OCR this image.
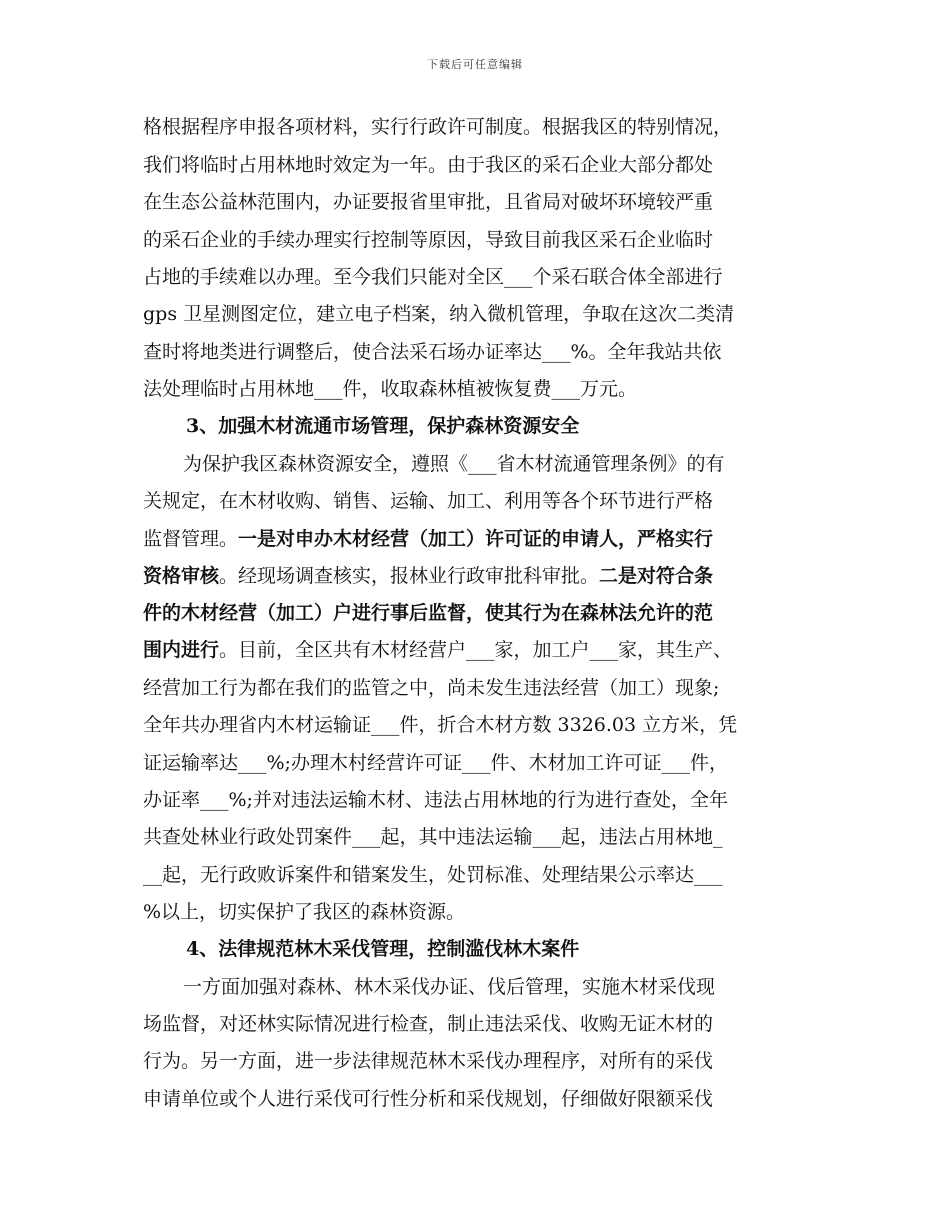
下载后可任意编辑
格根据程序申报各项材料，实行行政许可制度。根据我区的特别情况，
我们将临时占用林地时效定为一年。由于我区的采石企业大部分都处
在生态公益林范围内，办证要报省里审批，且省局对破坏环境较严重
的采石企业的手续办理实行控制等原因，导致目前我区采石企业临时
占地的手续难以办理。至今我们只能对全区___个采石联合体全部进行
gps 卫星测图定位，建立电子档案，纳入微机管理，争取在这次二类清
查时将地类进行调整后，使合法采石场办证率达___%。全年我站共依
法处理临时占用林地___件，收取森林植被恢复费___万元。
3、加强木材流通市场管理，保护森林资源安全
为保护我区森林资源安全，遵照《___省木材流通管理条例》的有
关规定，在木材收购、销售、运输、加工、利用等各个环节进行严格
监督管理。一是对申办木材经营（加工）许可证的申请人，严格实行
资格审核。经现场调查核实，报林业行政审批科审批。二是对符合条
件的木材经营（加工）户进行事后监督，使其行为在森林法允许的范
围内进行。目前，全区共有木材经营户___家，加工户___家，其生产、
经营加工行为都在我们的监管之中，尚未发生违法经营（加工）现象;
全年共办理省内木材运输证___件，折合木材方数 3326.03 立方米，凭
证运输率达___%;办理木村经营许可证___件、木材加工许可证___件，
办证率___%;并对违法运输木材、违法占用林地的行为进行查处，全年
共查处林业行政处罚案件___起，其中违法运输___起，违法占用林地_
__起，无行政败诉案件和错案发生，处罚标准、处理结果公示率达___
%以上，切实保护了我区的森林资源。
4、法律规范林木采伐管理，控制滥伐林木案件
一方面加强对森林、林木采伐办证、伐后管理，实施木材采伐现
场监督，对还林实际情况进行检查，制止违法采伐、收购无证木材的
行为。另一方面，进一步法律规范林木采伐办理程序，对所有的采伐
申请单位或个人进行采伐可行性分析和采伐规划，仔细做好限额采伐
